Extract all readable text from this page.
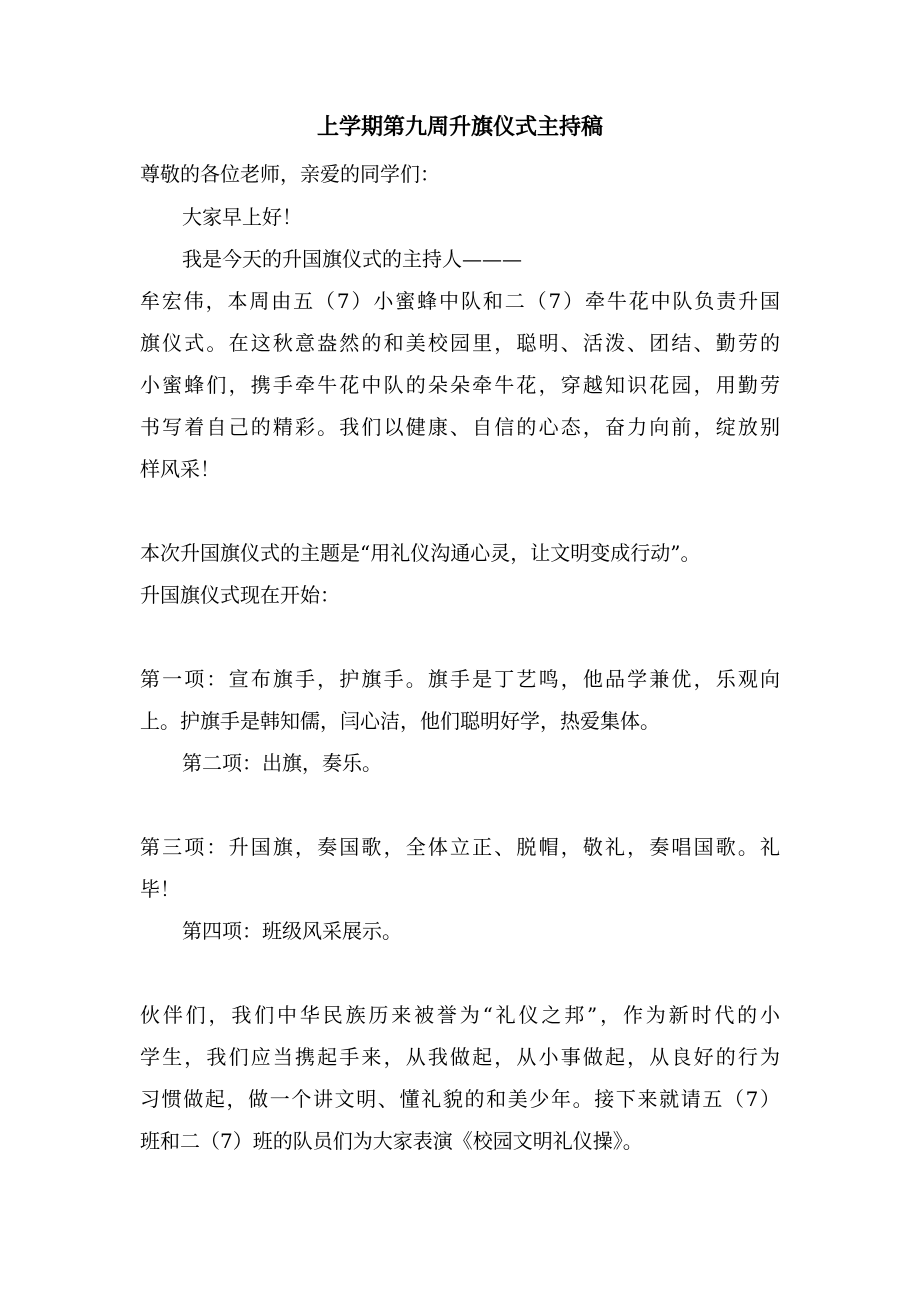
上学期第九周升旗仪式主持稿
尊敬的各位老师，亲爱的同学们：
大家早上好！
我是今天的升国旗仪式的主持人———
牟宏伟，本周由五（7）小蜜蜂中队和二（7）牵牛花中队负责升国
旗仪式。在这秋意盎然的和美校园里，聪明、活泼、团结、勤劳的
小蜜蜂们，携手牵牛花中队的朵朵牵牛花，穿越知识花园，用勤劳
书写着自己的精彩。我们以健康、自信的心态，奋力向前，绽放别
样风采！
本次升国旗仪式的主题是“用礼仪沟通心灵，让文明变成行动”。
升国旗仪式现在开始：
第一项：宣布旗手，护旗手。旗手是丁艺鸣，他品学兼优，乐观向
上。护旗手是韩知儒，闫心洁，他们聪明好学，热爱集体。
第二项：出旗，奏乐。
第三项：升国旗，奏国歌，全体立正、脱帽，敬礼，奏唱国歌。礼
毕！
第四项：班级风采展示。
伙伴们，我们中华民族历来被誉为“礼仪之邦”，作为新时代的小
学生，我们应当携起手来，从我做起，从小事做起，从良好的行为
习惯做起，做一个讲文明、懂礼貌的和美少年。接下来就请五（7）
班和二（7）班的队员们为大家表演《校园文明礼仪操》。
